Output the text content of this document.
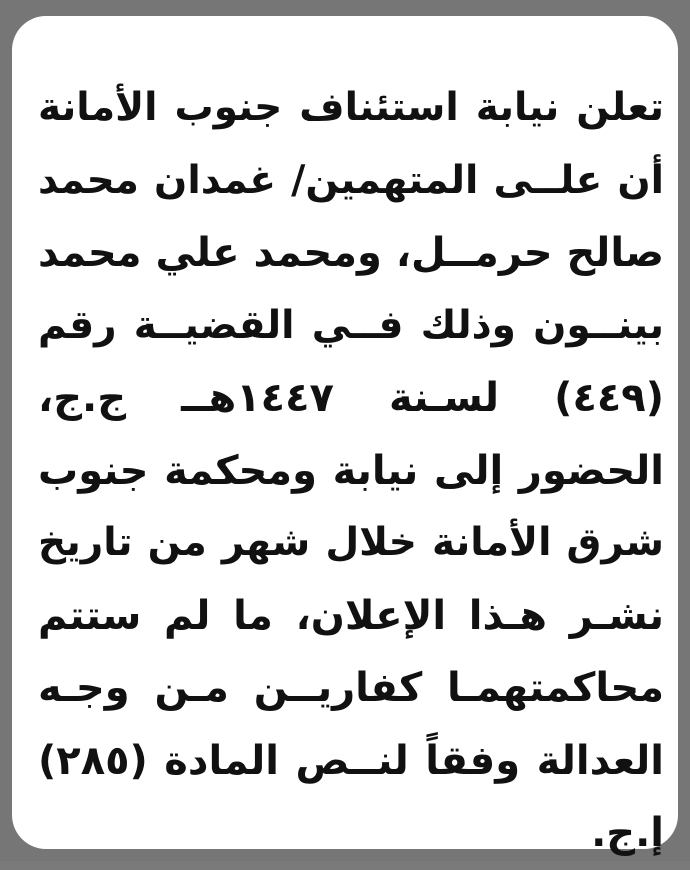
تعلن نيابة استئناف جنوب الأمانة
أن علــى المتهمين/ غمدان محمد
صالح حرمــل، ومحمد علي محمد
بينــون وذلك فــي القضيــة رقم
(٤٤٩) لسـنة ١٤٤٧هــ ج.ج،
الحضور إلى نيابة ومحكمة جنوب
شرق الأمانة خلال شهر من تاريخ
نشـر هـذا الإعلان، ما لم ستتم
محاكمتهمـا كفاريــن مـن وجـه
العدالة وفقاً لنــص المادة (٢٨٥)
إ.ج.
